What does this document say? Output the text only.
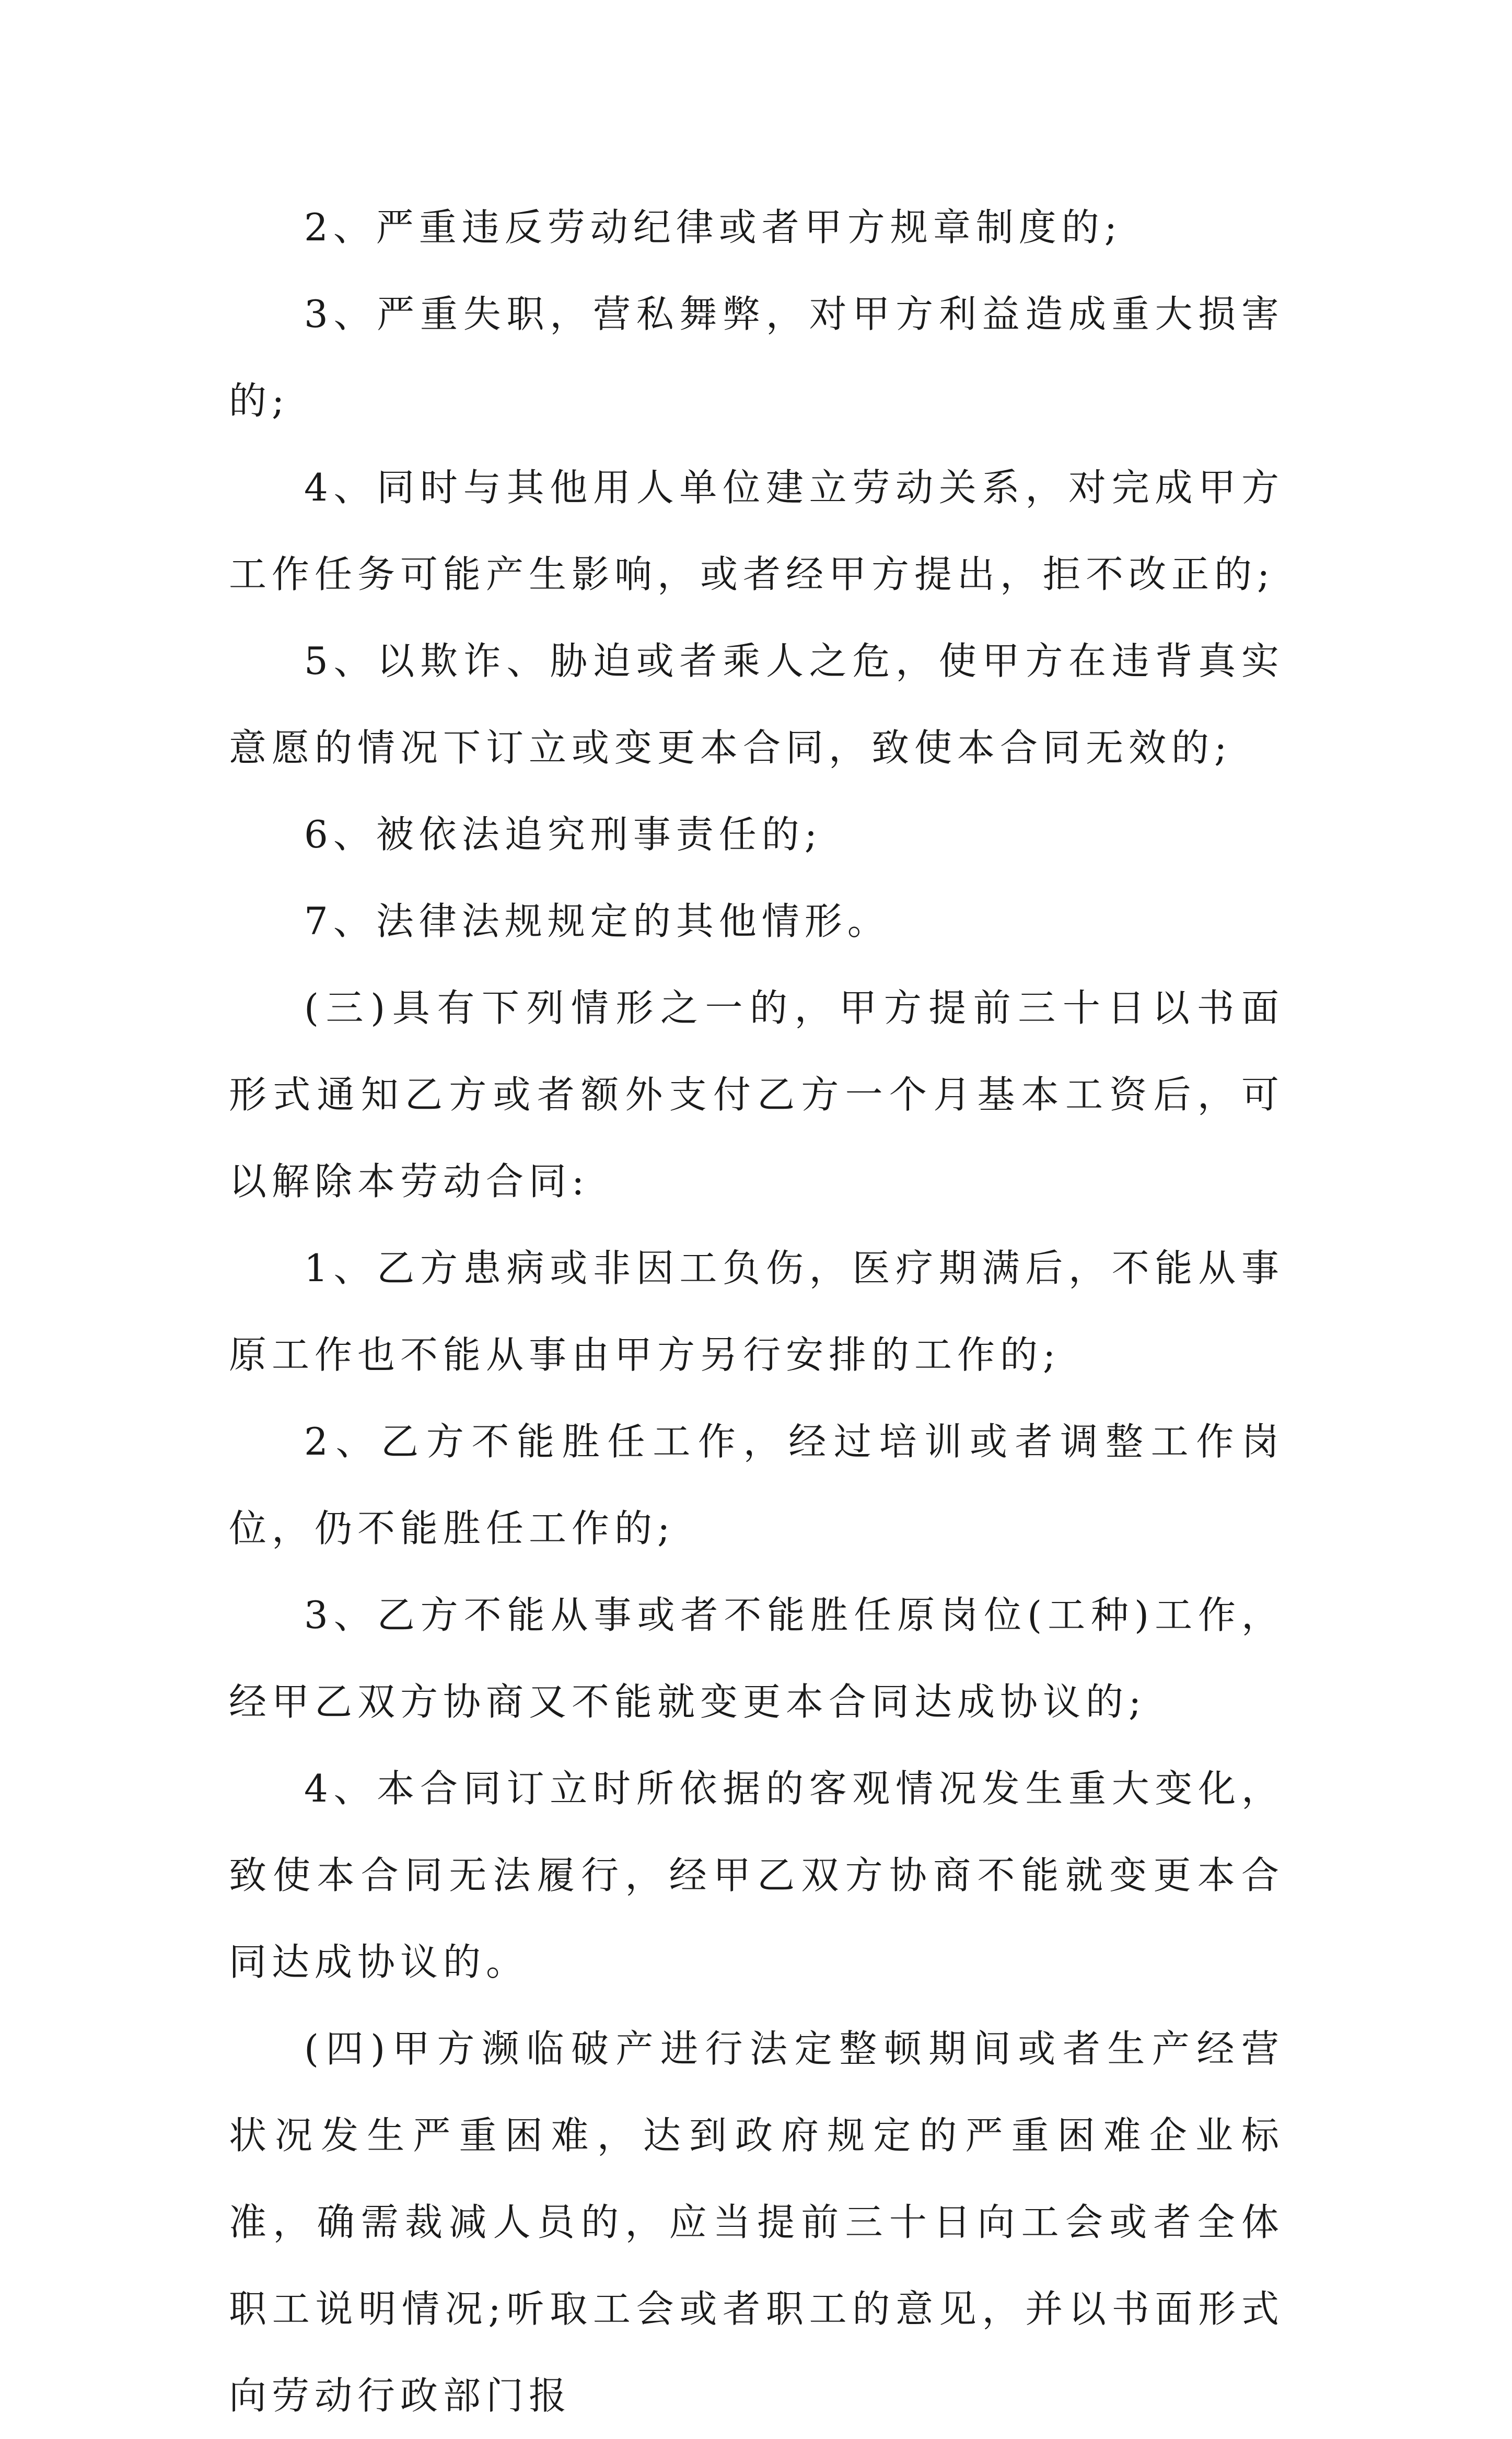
2、严重违反劳动纪律或者甲方规章制度的;

3、严重失职，营私舞弊，对甲方利益造成重大损害的;

4、同时与其他用人单位建立劳动关系，对完成甲方工作任务可能产生影响，或者经甲方提出，拒不改正的;

5、以欺诈、胁迫或者乘人之危，使甲方在违背真实意愿的情况下订立或变更本合同，致使本合同无效的;

6、被依法追究刑事责任的;

7、法律法规规定的其他情形。

(三)具有下列情形之一的，甲方提前三十日以书面形式通知乙方或者额外支付乙方一个月基本工资后，可以解除本劳动合同:

1、乙方患病或非因工负伤，医疗期满后，不能从事原工作也不能从事由甲方另行安排的工作的;

2、乙方不能胜任工作，经过培训或者调整工作岗位，仍不能胜任工作的;

3、乙方不能从事或者不能胜任原岗位(工种)工作，经甲乙双方协商又不能就变更本合同达成协议的;

4、本合同订立时所依据的客观情况发生重大变化，致使本合同无法履行，经甲乙双方协商不能就变更本合同达成协议的。

(四)甲方濒临破产进行法定整顿期间或者生产经营状况发生严重困难，达到政府规定的严重困难企业标准，确需裁减人员的，应当提前三十日向工会或者全体职工说明情况;听取工会或者职工的意见，并以书面形式向劳动行政部门报
